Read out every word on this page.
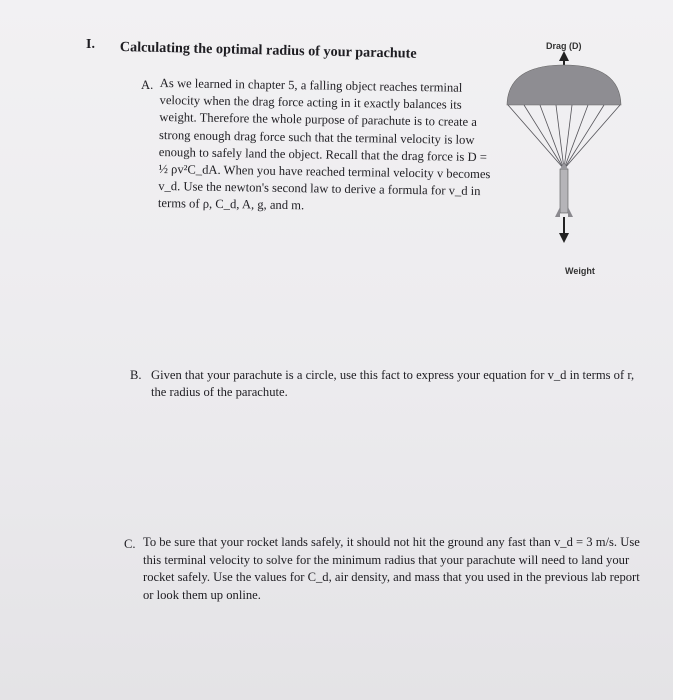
I. Calculating the optimal radius of your parachute
A. As we learned in chapter 5, a falling object reaches terminal velocity when the drag force acting in it exactly balances its weight. Therefore the whole purpose of parachute is to create a strong enough drag force such that the terminal velocity is low enough to safely land the object. Recall that the drag force is D = ½ ρv²C_dA. When you have reached terminal velocity v becomes v_d. Use the newton's second law to derive a formula for v_d in terms of ρ, C_d, A, g, and m.

B. Given that your parachute is a circle, use this fact to express your equation for v_d in terms of r, the radius of the parachute.

C. To be sure that your rocket lands safely, it should not hit the ground any fast than v_d = 3 m/s. Use this terminal velocity to solve for the minimum radius that your parachute will need to land your rocket safely. Use the values for C_d, air density, and mass that you used in the previous lab report or look them up online.

Drag (D)
Weight
